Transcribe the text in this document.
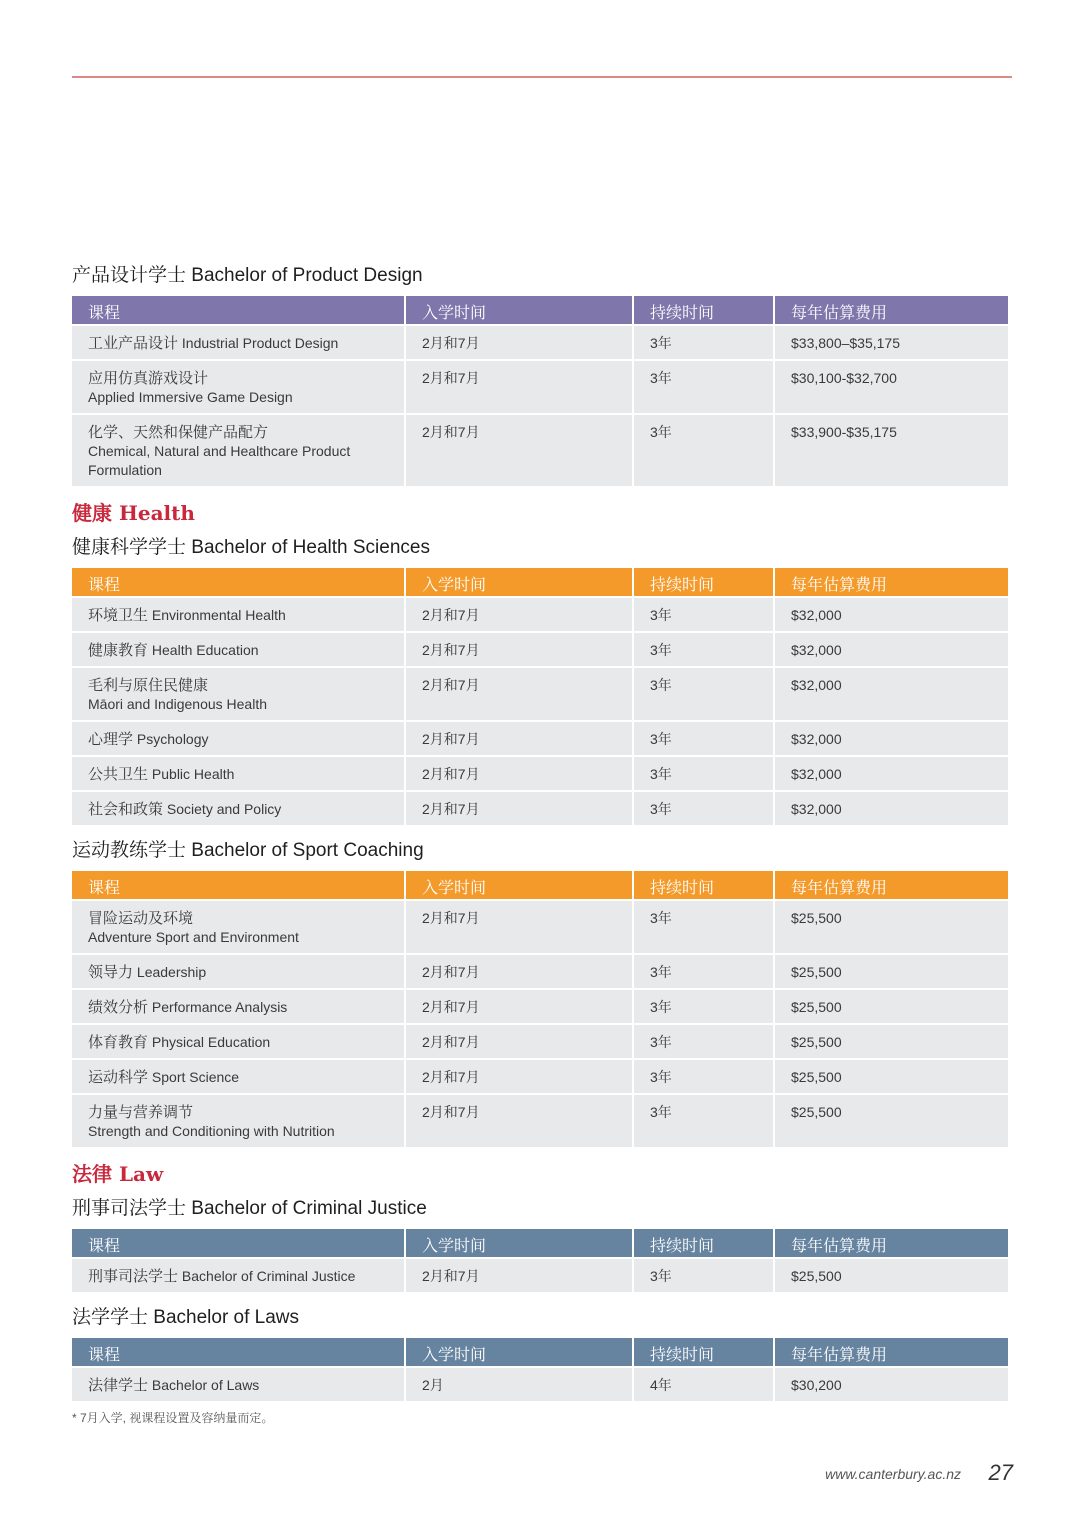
产品设计学士 Bachelor of Product Design
课程	入学时间	持续时间	每年估算费用
工业产品设计 Industrial Product Design	2月和7月	3年	$33,800–$35,175
应用仿真游戏设计
Applied Immersive Game Design	2月和7月	3年	$30,100-$32,700
化学、天然和保健产品配方
Chemical, Natural and Healthcare Product Formulation	2月和7月	3年	$33,900-$35,175
健康 Health
健康科学学士 Bachelor of Health Sciences
课程	入学时间	持续时间	每年估算费用
环境卫生 Environmental Health	2月和7月	3年	$32,000
健康教育 Health Education	2月和7月	3年	$32,000
毛利与原住民健康
Māori and Indigenous Health	2月和7月	3年	$32,000
心理学 Psychology	2月和7月	3年	$32,000
公共卫生 Public Health	2月和7月	3年	$32,000
社会和政策 Society and Policy	2月和7月	3年	$32,000
运动教练学士 Bachelor of Sport Coaching
课程	入学时间	持续时间	每年估算费用
冒险运动及环境
Adventure Sport and Environment	2月和7月	3年	$25,500
领导力 Leadership	2月和7月	3年	$25,500
绩效分析 Performance Analysis	2月和7月	3年	$25,500
体育教育 Physical Education	2月和7月	3年	$25,500
运动科学 Sport Science	2月和7月	3年	$25,500
力量与营养调节
Strength and Conditioning with Nutrition	2月和7月	3年	$25,500
法律 Law
刑事司法学士 Bachelor of Criminal Justice
课程	入学时间	持续时间	每年估算费用
刑事司法学士 Bachelor of Criminal Justice	2月和7月	3年	$25,500
法学学士 Bachelor of Laws
课程	入学时间	持续时间	每年估算费用
法律学士 Bachelor of Laws	2月	4年	$30,200
* 7月入学, 视课程设置及容纳量而定。
www.canterbury.ac.nz 27
